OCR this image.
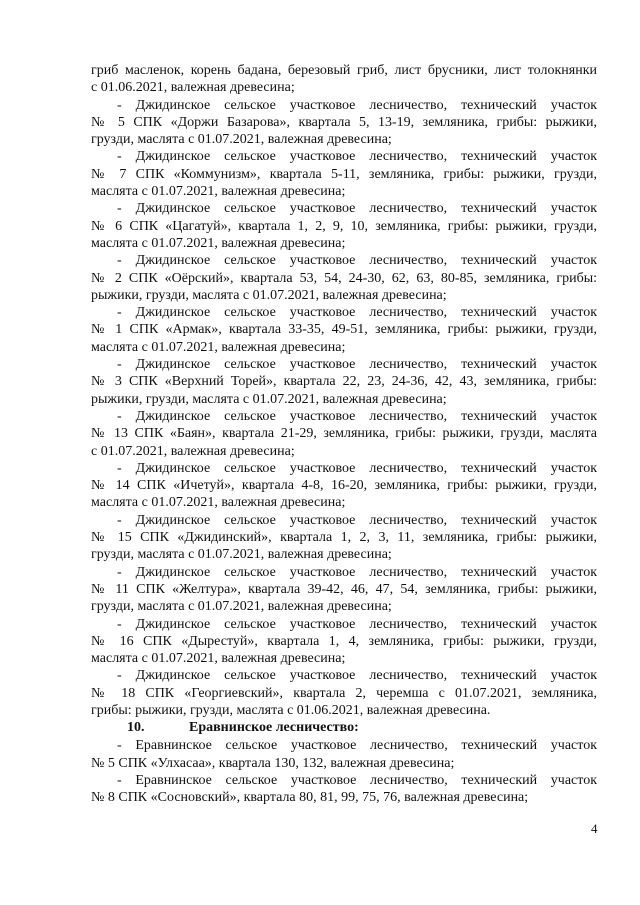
гриб масленок, корень бадана, березовый гриб, лист брусники, лист толокнянки
с 01.06.2021, валежная древесина;
- Джидинское сельское участковое лесничество, технический участок
№ 5 СПК «Доржи Базарова», квартала 5, 13-19, земляника, грибы: рыжики,
грузди, маслята с 01.07.2021, валежная древесина;
- Джидинское сельское участковое лесничество, технический участок
№ 7 СПК «Коммунизм», квартала 5-11, земляника, грибы: рыжики, грузди,
маслята с 01.07.2021, валежная древесина;
- Джидинское сельское участковое лесничество, технический участок
№ 6 СПК «Цагатуй», квартала 1, 2, 9, 10, земляника, грибы: рыжики, грузди,
маслята с 01.07.2021, валежная древесина;
- Джидинское сельское участковое лесничество, технический участок
№ 2 СПК «Оёрский», квартала 53, 54, 24-30, 62, 63, 80-85, земляника, грибы:
рыжики, грузди, маслята с 01.07.2021, валежная древесина;
- Джидинское сельское участковое лесничество, технический участок
№ 1 СПК «Армак», квартала 33-35, 49-51, земляника, грибы: рыжики, грузди,
маслята с 01.07.2021, валежная древесина;
- Джидинское сельское участковое лесничество, технический участок
№ 3 СПК «Верхний Торей», квартала 22, 23, 24-36, 42, 43, земляника, грибы:
рыжики, грузди, маслята с 01.07.2021, валежная древесина;
- Джидинское сельское участковое лесничество, технический участок
№ 13 СПК «Баян», квартала 21-29, земляника, грибы: рыжики, грузди, маслята
с 01.07.2021, валежная древесина;
- Джидинское сельское участковое лесничество, технический участок
№ 14 СПК «Ичетуй», квартала 4-8, 16-20, земляника, грибы: рыжики, грузди,
маслята с 01.07.2021, валежная древесина;
- Джидинское сельское участковое лесничество, технический участок
№ 15 СПК «Джидинский», квартала 1, 2, 3, 11, земляника, грибы: рыжики,
грузди, маслята с 01.07.2021, валежная древесина;
- Джидинское сельское участковое лесничество, технический участок
№ 11 СПК «Желтура», квартала 39-42, 46, 47, 54, земляника, грибы: рыжики,
грузди, маслята с 01.07.2021, валежная древесина;
- Джидинское сельское участковое лесничество, технический участок
№ 16 СПК «Дырестуй», квартала 1, 4, земляника, грибы: рыжики, грузди,
маслята с 01.07.2021, валежная древесина;
- Джидинское сельское участковое лесничество, технический участок
№ 18 СПК «Георгиевский», квартала 2, черемша с 01.07.2021, земляника,
грибы: рыжики, грузди, маслята с 01.06.2021, валежная древесина.
10.	Еравнинское лесничество:
- Еравнинское сельское участковое лесничество, технический участок
№ 5 СПК «Улхасаа», квартала 130, 132, валежная древесина;
- Еравнинское сельское участковое лесничество, технический участок
№ 8 СПК «Сосновский», квартала 80, 81, 99, 75, 76, валежная древесина;
4
